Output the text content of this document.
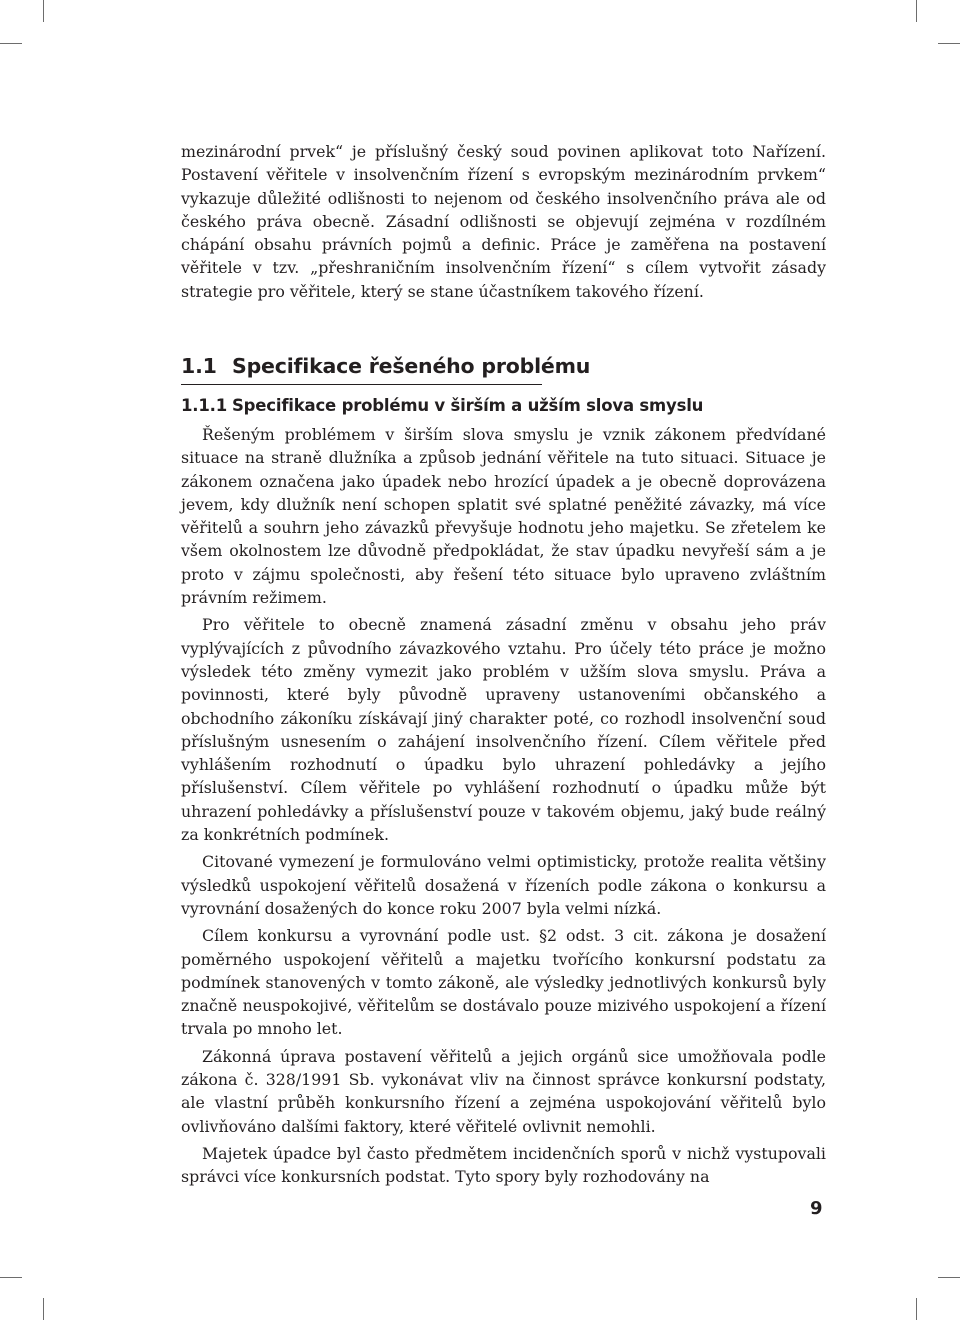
mezinárodní prvek“ je příslušný český soud povinen aplikovat toto Nařízení. Postavení věřitele v insolvenčním řízení s evropským mezinárodním prvkem“ vykazuje důležité odlišnosti to nejenom od českého insolvenčního práva ale od českého práva obecně. Zásadní odlišnosti se objevují zejména v rozdílném chápání obsahu právních pojmů a definic. Práce je zaměřena na postavení věřitele v tzv. „přeshraničním insolvenčním řízení“ s cílem vytvořit zásady strategie pro věřitele, který se stane účastníkem takového řízení.

1.1 Specifikace řešeného problému
1.1.1 Specifikace problému v širším a užším slova smyslu

Řešeným problémem v širším slova smyslu je vznik zákonem předvídané situace na straně dlužníka a způsob jednání věřitele na tuto situaci. Situace je zákonem označena jako úpadek nebo hrozící úpadek a je obecně doprovázena jevem, kdy dlužník není schopen splatit své splatné peněžité závazky, má více věřitelů a souhrn jeho závazků převyšuje hodnotu jeho majetku. Se zřetelem ke všem okolnostem lze důvodně předpokládat, že stav úpadku nevyřeší sám a je proto v zájmu společnosti, aby řešení této situace bylo upraveno zvláštním právním režimem.

Pro věřitele to obecně znamená zásadní změnu v obsahu jeho práv vyplývajících z původního závazkového vztahu. Pro účely této práce je možno výsledek této změny vymezit jako problém v užším slova smyslu. Práva a povinnosti, které byly původně upraveny ustanoveními občanského a obchodního zákoníku získávají jiný charakter poté, co rozhodl insolvenční soud příslušným usnesením o zahájení insolvenčního řízení. Cílem věřitele před vyhlášením rozhodnutí o úpadku bylo uhrazení pohledávky a jejího příslušenství. Cílem věřitele po vyhlášení rozhodnutí o úpadku může být uhrazení pohledávky a příslušenství pouze v takovém objemu, jaký bude reálný za konkrétních podmínek.

Citované vymezení je formulováno velmi optimisticky, protože realita většiny výsledků uspokojení věřitelů dosažená v řízeních podle zákona o konkursu a vyrovnání dosažených do konce roku 2007 byla velmi nízká.

Cílem konkursu a vyrovnání podle ust. §2 odst. 3 cit. zákona je dosažení poměrného uspokojení věřitelů a majetku tvořícího konkursní podstatu za podmínek stanovených v tomto zákoně, ale výsledky jednotlivých konkursů byly značně neuspokojivé, věřitelům se dostávalo pouze mizivého uspokojení a řízení trvala po mnoho let.

Zákonná úprava postavení věřitelů a jejich orgánů sice umožňovala podle zákona č. 328/1991 Sb. vykonávat vliv na činnost správce konkursní podstaty, ale vlastní průběh konkursního řízení a zejména uspokojování věřitelů bylo ovlivňováno dalšími faktory, které věřitelé ovlivnit nemohli.

Majetek úpadce byl často předmětem incidenčních sporů v nichž vystupovali správci více konkursních podstat. Tyto spory byly rozhodovány na

9
